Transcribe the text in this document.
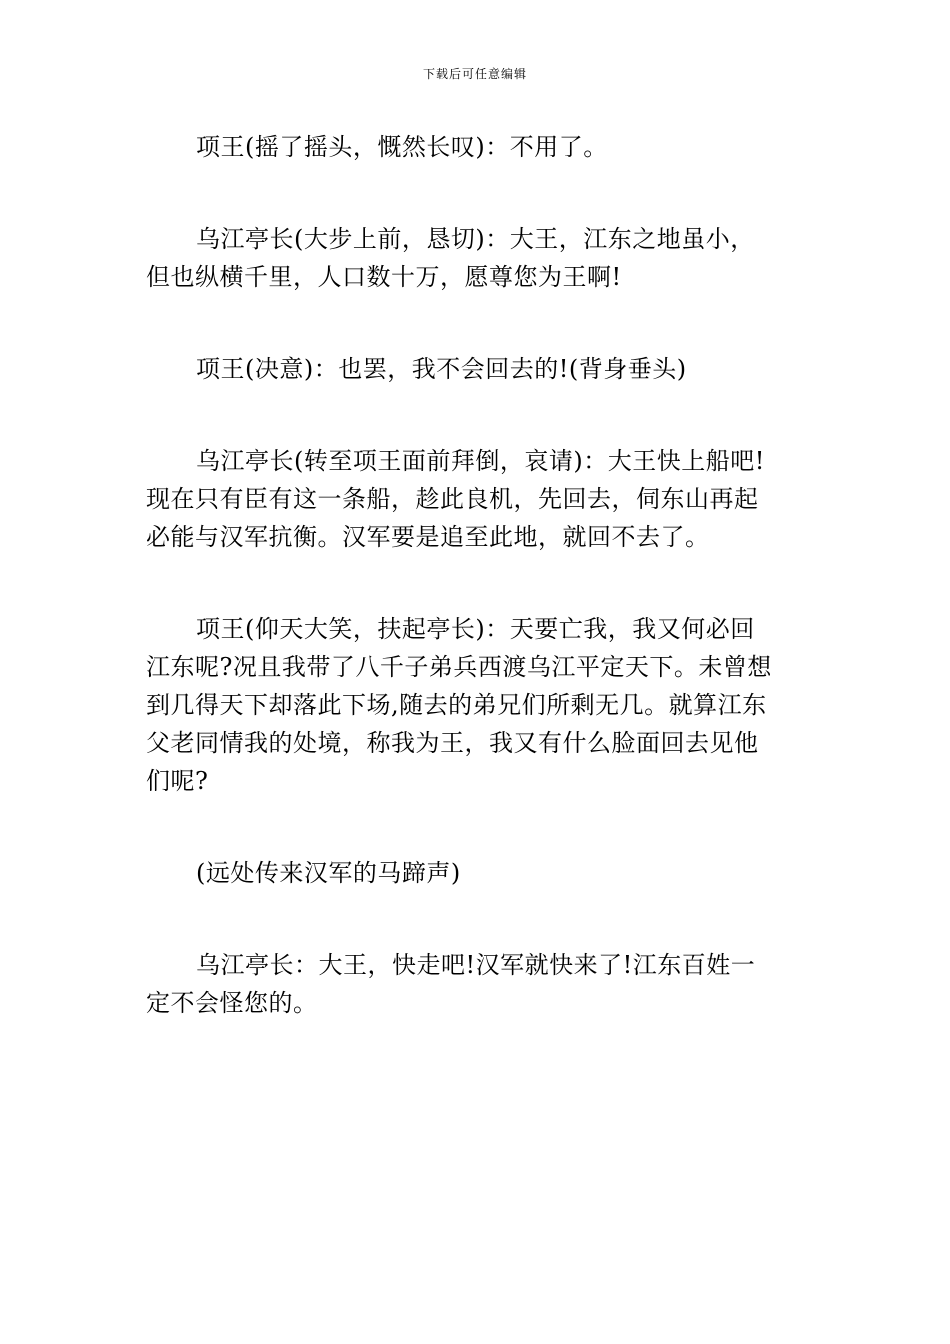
下载后可任意编辑

项王(摇了摇头，慨然长叹)：不用了。

乌江亭长(大步上前，恳切)：大王，江东之地虽小，
但也纵横千里，人口数十万，愿尊您为王啊!

项王(决意)：也罢，我不会回去的!(背身垂头)

乌江亭长(转至项王面前拜倒，哀请)：大王快上船吧!
现在只有臣有这一条船，趁此良机，先回去，伺东山再起
必能与汉军抗衡。汉军要是追至此地，就回不去了。

项王(仰天大笑，扶起亭长)：天要亡我，我又何必回
江东呢?况且我带了八千子弟兵西渡乌江平定天下。未曾想
到几得天下却落此下场,随去的弟兄们所剩无几。就算江东
父老同情我的处境，称我为王，我又有什么脸面回去见他
们呢?

(远处传来汉军的马蹄声)

乌江亭长：大王，快走吧!汉军就快来了!江东百姓一
定不会怪您的。
